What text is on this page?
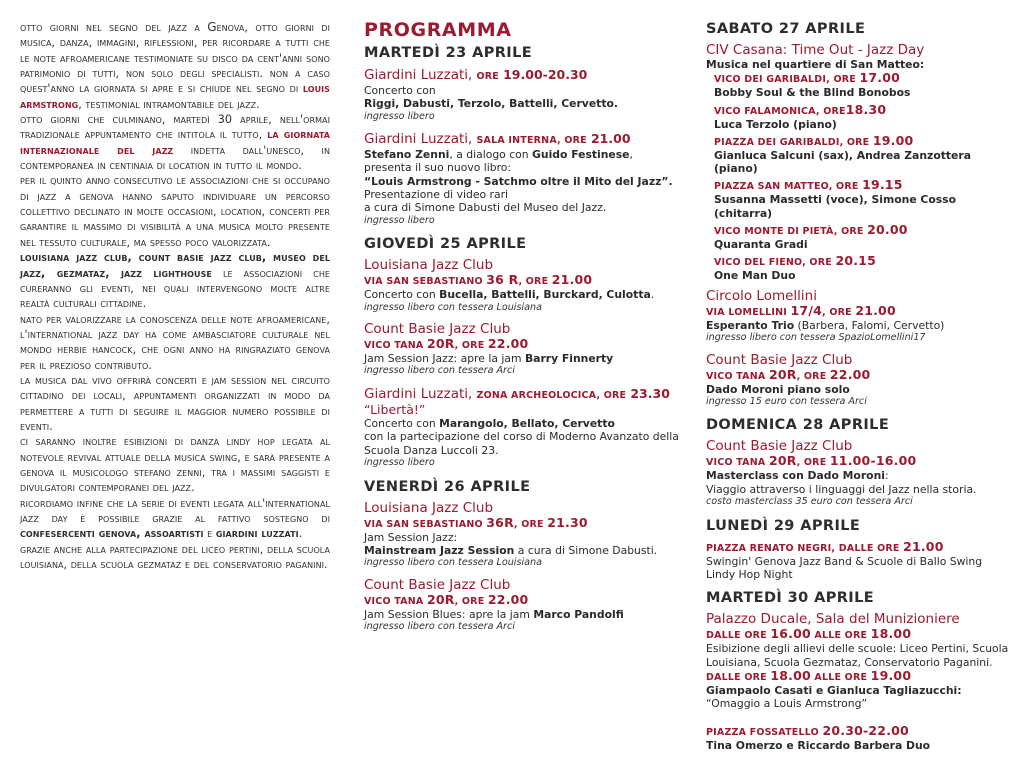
otto giorni nel segno del jazz a Genova, otto giorni di musica, danza, immagini, riflessioni, per ricordare a tutti che le note afroamericane testimoniate su disco da cent'anni sono patrimonio di tutti, non solo degli specialisti. non a caso quest'anno la giornata si apre e si chiude nel segno di louis armstrong, testimonial intramontabile del jazz.

otto giorni che culminano, martedì 30 aprile, nell'ormai tradizionale appuntamento che intitola il tutto, la giornata internazionale del jazz indetta dall'unesco, in contemporanea in centinaia di location in tutto il mondo.

per il quinto anno consecutivo le associazioni che si occupano di jazz a genova hanno saputo individuare un percorso collettivo declinato in molte occasioni, location, concerti per garantire il massimo di visibilità a una musica molto presente nel tessuto culturale, ma spesso poco valorizzata.

louisiana jazz club, count basie jazz club, museo del jazz, gezmataz, jazz lighthouse le associazioni che cureranno gli eventi, nei quali intervengono molte altre realtà culturali cittadine.

nato per valorizzare la conoscenza delle note afroamericane, l'international jazz day ha come ambasciatore culturale nel mondo herbie hancock, che ogni anno ha ringraziato genova per il prezioso contributo.

la musica dal vivo offrirà concerti e jam session nel circuito cittadino dei locali, appuntamenti organizzati in modo da permettere a tutti di seguire il maggior numero possibile di eventi.

ci saranno inoltre esibizioni di danza lindy hop legata al notevole revival attuale della musica swing, e sarà presente a genova il musicologo stefano zenni, tra i massimi saggisti e divulgatori contemporanei del jazz.

ricordiamo infine che la serie di eventi legata all'international jazz day è possibile grazie al fattivo sostegno di confesercenti genova, assoartisti e giardini luzzati.

grazie anche alla partecipazione del liceo pertini, della scuola louisiana, della scuola gezmataz e del conservatorio paganini.

PROGRAMMA
MARTEDÌ 23 APRILE
Giardini Luzzati, ORE 19.00-20.30
Concerto con
Riggi, Dabusti, Terzolo, Battelli, Cervetto.
ingresso libero
Giardini Luzzati, SALA INTERNA, ORE 21.00
Stefano Zenni, a dialogo con Guido Festinese,
presenta il suo nuovo libro:
“Louis Armstrong - Satchmo oltre il Mito del Jazz”.
Presentazione di video rari
a cura di Simone Dabusti del Museo del Jazz.
ingresso libero
GIOVEDÌ 25 APRILE
Louisiana Jazz Club
VIA SAN SEBASTIANO 36 R, ORE 21.00
Concerto con Bucella, Battelli, Burckard, Culotta.
ingresso libero con tessera Louisiana
Count Basie Jazz Club
VICO TANA 20R, ORE 22.00
Jam Session Jazz: apre la jam Barry Finnerty
ingresso libero con tessera Arci
Giardini Luzzati, ZONA ARCHEOLOCICA, ORE 23.30
“Libertà!”
Concerto con Marangolo, Bellato, Cervetto
con la partecipazione del corso di Moderno Avanzato della
Scuola Danza Luccoli 23.
ingresso libero
VENERDÌ 26 APRILE
Louisiana Jazz Club
VIA SAN SEBASTIANO 36R, ORE 21.30
Jam Session Jazz:
Mainstream Jazz Session a cura di Simone Dabusti.
ingresso libero con tessera Louisiana
Count Basie Jazz Club
VICO TANA 20R, ORE 22.00
Jam Session Blues: apre la jam Marco Pandolfi
ingresso libero con tessera Arci
SABATO 27 APRILE
CIV Casana: Time Out - Jazz Day
Musica nel quartiere di San Matteo:
VICO DEI GARIBALDI, ORE 17.00
Bobby Soul & the Blind Bonobos
VICO FALAMONICA, ORE18.30
Luca Terzolo (piano)
PIAZZA DEI GARIBALDI, ORE 19.00
Gianluca Salcuni (sax), Andrea Zanzottera (piano)
PIAZZA SAN MATTEO, ORE 19.15
Susanna Massetti (voce), Simone Cosso (chitarra)
VICO MONTE DI PIETÀ, ORE 20.00
Quaranta Gradi
VICO DEL FIENO, ORE 20.15
One Man Duo
Circolo Lomellini
VIA LOMELLINI 17/4, ORE 21.00
Esperanto Trio (Barbera, Falomi, Cervetto)
ingresso libero con tessera SpazioLomellini17
Count Basie Jazz Club
VICO TANA 20R, ORE 22.00
Dado Moroni piano solo
ingresso 15 euro con tessera Arci
DOMENICA 28 APRILE
Count Basie Jazz Club
VICO TANA 20R, ORE 11.00-16.00
Masterclass con Dado Moroni:
Viaggio attraverso i linguaggi del Jazz nella storia.
costo masterclass 35 euro con tessera Arci
LUNEDÌ 29 APRILE
PIAZZA RENATO NEGRI, DALLE ORE 21.00
Swingin' Genova Jazz Band & Scuole di Ballo Swing
Lindy Hop Night
MARTEDÌ 30 APRILE
Palazzo Ducale, Sala del Munizioniere
DALLE ORE 16.00 ALLE ORE 18.00
Esibizione degli allievi delle scuole: Liceo Pertini, Scuola
Louisiana, Scuola Gezmataz, Conservatorio Paganini.
DALLE ORE 18.00 ALLE ORE 19.00
Giampaolo Casati e Gianluca Tagliazucchi:
“Omaggio a Louis Armstrong”
PIAZZA FOSSATELLO 20.30-22.00
Tina Omerzo e Riccardo Barbera Duo
